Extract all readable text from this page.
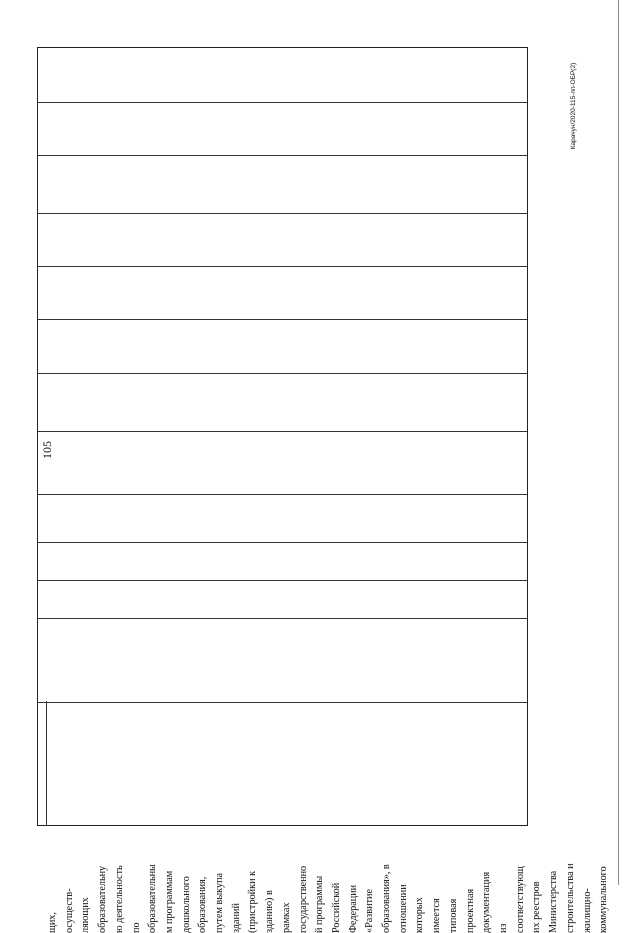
105
Карачун/2020-115-пп-ОБР(2)
щих,
осуществ-
ляющих
образовательну
ю деятельность
по
образовательны
м программам
дошкольного
образования,
путем выкупа
зданий
(пристройки к
зданию) в
рамках
государственно
й программы
Российской
Федерации
«Развитие
образования», в
отношении
которых
имеется
типовая
проектная
документация
из
соответствующ
их реестров
Министерства
строительства и
жилищно-
коммунального
